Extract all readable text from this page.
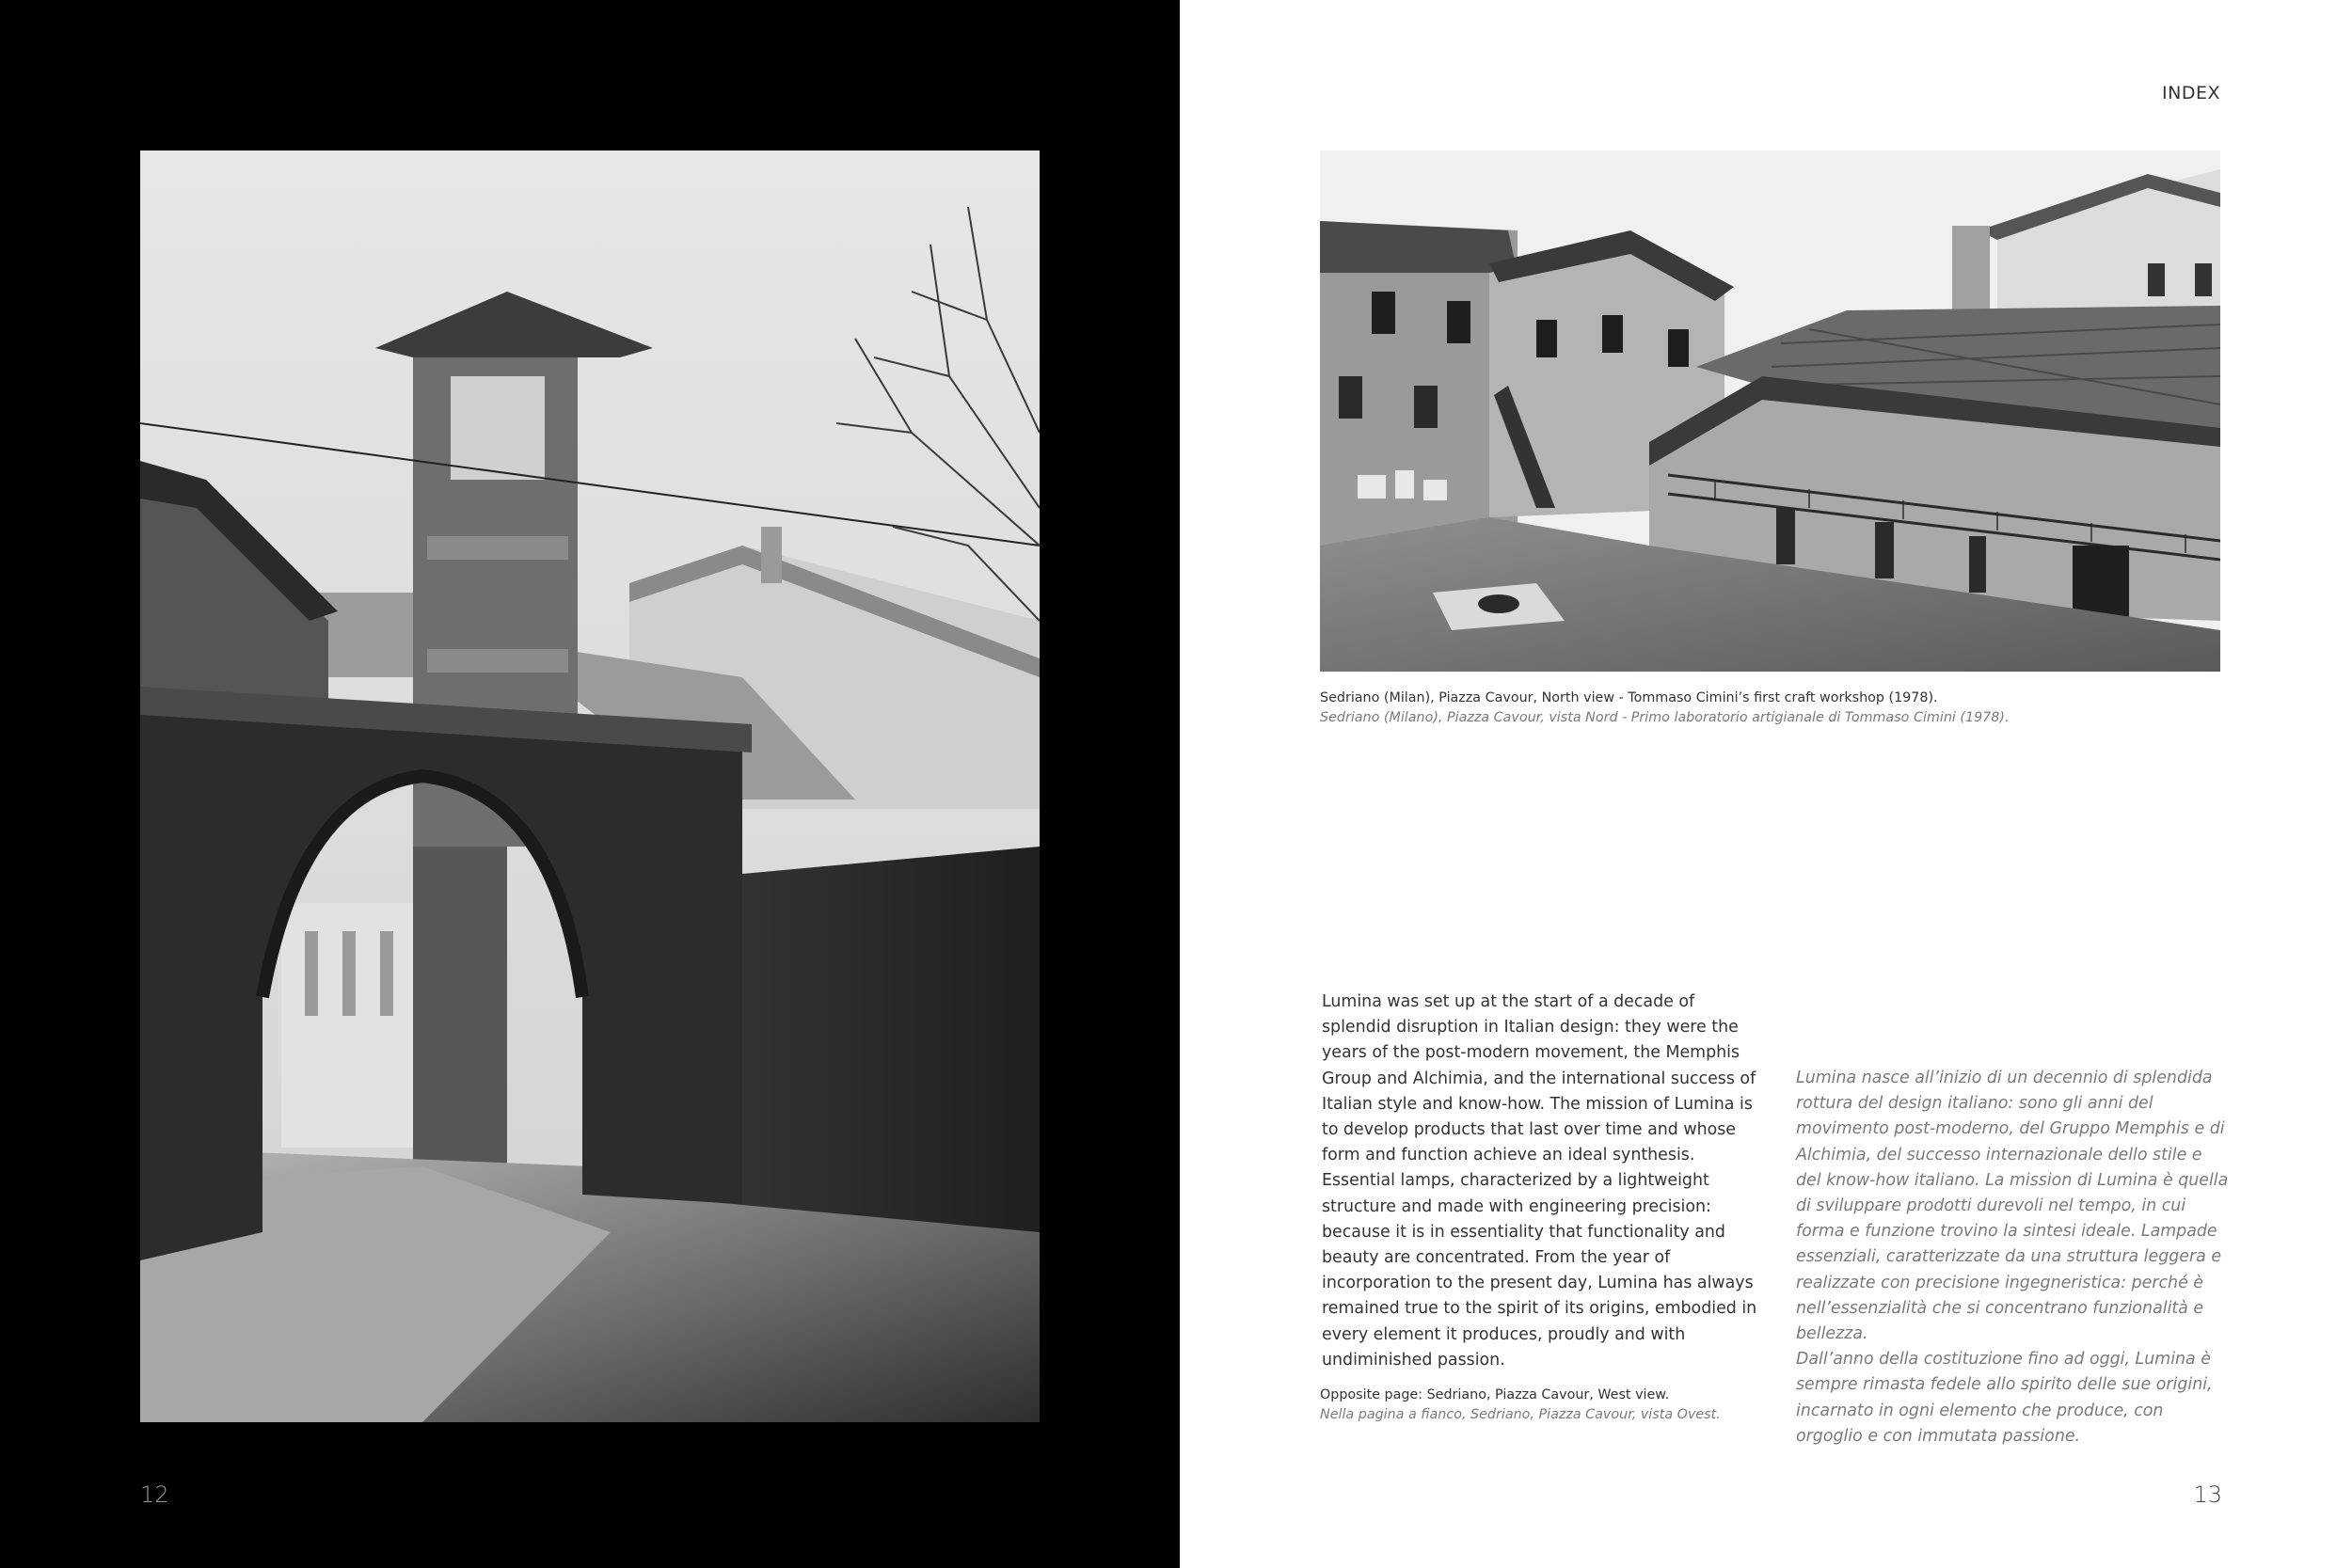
12
INDEX
Sedriano (Milan), Piazza Cavour, North view - Tommaso Cimini’s first craft workshop (1978).
Sedriano (Milano), Piazza Cavour, vista Nord - Primo laboratorio artigianale di Tommaso Cimini (1978).
Lumina was set up at the start of a decade of splendid disruption in Italian design: they were the years of the post-modern movement, the Memphis Group and Alchimia, and the international success of Italian style and know-how. The mission of Lumina is to develop products that last over time and whose form and function achieve an ideal synthesis. Essential lamps, characterized by a lightweight structure and made with engineering precision: because it is in essentiality that functionality and beauty are concentrated. From the year of incorporation to the present day, Lumina has always remained true to the spirit of its origins, embodied in every element it produces, proudly and with undiminished passion.
Opposite page: Sedriano, Piazza Cavour, West view.
Nella pagina a fianco, Sedriano, Piazza Cavour, vista Ovest.

Lumina nasce all’inizio di un decennio di splendida rottura del design italiano: sono gli anni del movimento post-moderno, del Gruppo Memphis e di Alchimia, del successo internazionale dello stile e del know-how italiano. La mission di Lumina è quella di sviluppare prodotti durevoli nel tempo, in cui forma e funzione trovino la sintesi ideale. Lampade essenziali, caratterizzate da una struttura leggera e realizzate con precisione ingegneristica: perché è nell’essenzialità che si concentrano funzionalità e bellezza.

Dall’anno della costituzione fino ad oggi, Lumina è sempre rimasta fedele allo spirito delle sue origini, incarnato in ogni elemento che produce, con orgoglio e con immutata passione.

13
